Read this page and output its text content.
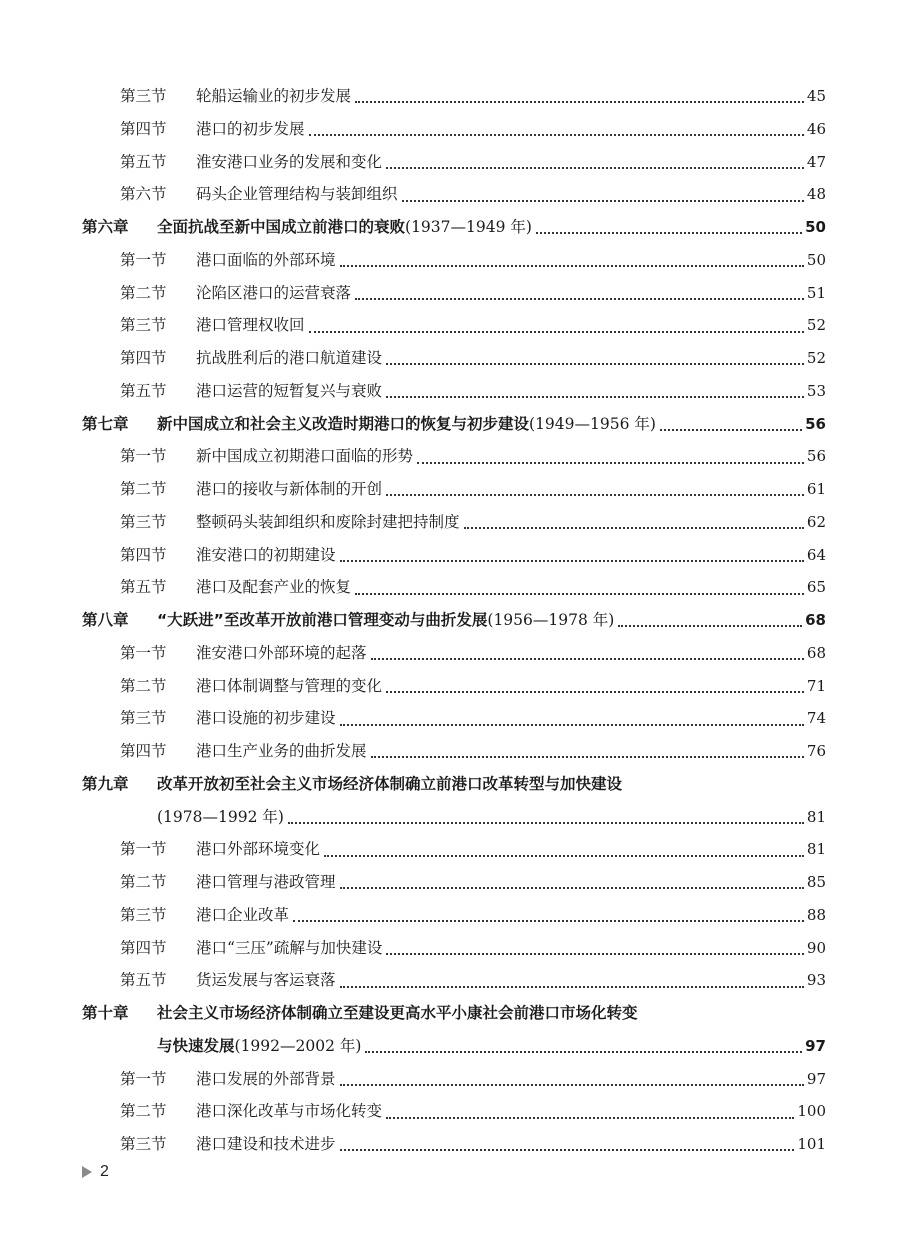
第三节	轮船运输业的初步发展	45
第四节	港口的初步发展	46
第五节	淮安港口业务的发展和变化	47
第六节	码头企业管理结构与装卸组织	48
第六章	全面抗战至新中国成立前港口的衰败(1937—1949 年)	50
第一节	港口面临的外部环境	50
第二节	沦陷区港口的运营衰落	51
第三节	港口管理权收回	52
第四节	抗战胜利后的港口航道建设	52
第五节	港口运营的短暂复兴与衰败	53
第七章	新中国成立和社会主义改造时期港口的恢复与初步建设(1949—1956 年)	56
第一节	新中国成立初期港口面临的形势	56
第二节	港口的接收与新体制的开创	61
第三节	整顿码头装卸组织和废除封建把持制度	62
第四节	淮安港口的初期建设	64
第五节	港口及配套产业的恢复	65
第八章	“大跃进”至改革开放前港口管理变动与曲折发展(1956—1978 年)	68
第一节	淮安港口外部环境的起落	68
第二节	港口体制调整与管理的变化	71
第三节	港口设施的初步建设	74
第四节	港口生产业务的曲折发展	76
第九章	改革开放初至社会主义市场经济体制确立前港口改革转型与加快建设
(1978—1992 年)	81
第一节	港口外部环境变化	81
第二节	港口管理与港政管理	85
第三节	港口企业改革	88
第四节	港口“三压”疏解与加快建设	90
第五节	货运发展与客运衰落	93
第十章	社会主义市场经济体制确立至建设更高水平小康社会前港口市场化转变
与快速发展(1992—2002 年)	97
第一节	港口发展的外部背景	97
第二节	港口深化改革与市场化转变	100
第三节	港口建设和技术进步	101
2
